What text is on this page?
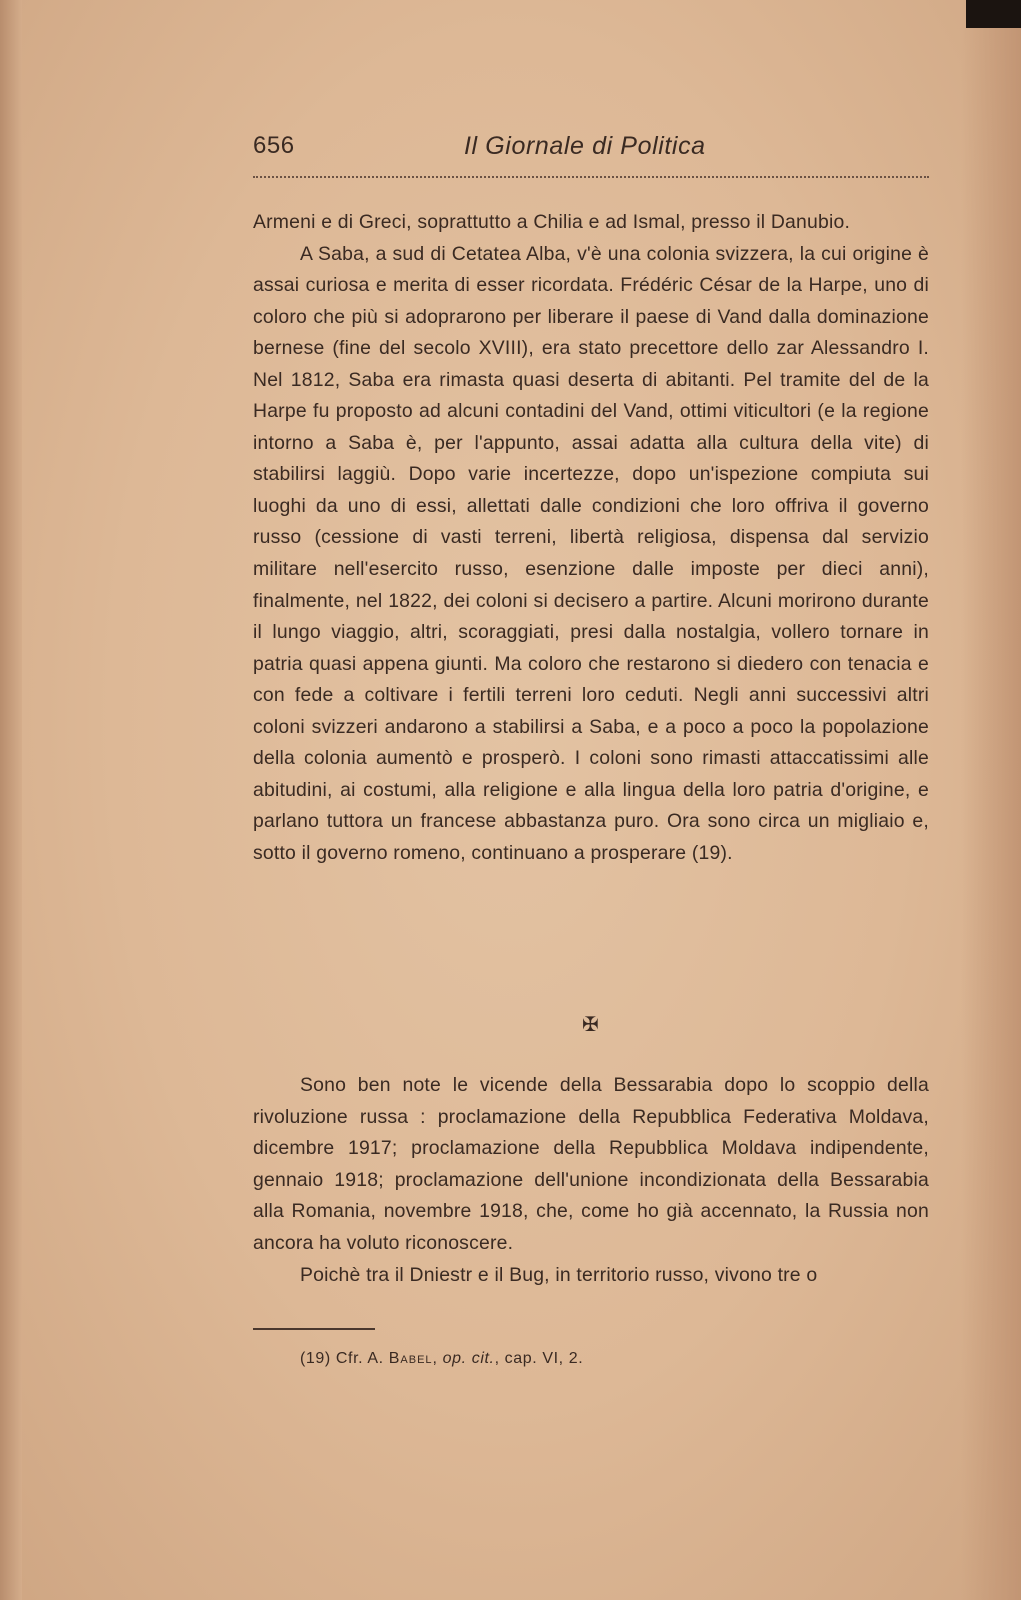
656	Il Giornale di Politica

Armeni e di Greci, soprattutto a Chilia e ad Ismal, presso il Danubio.

A Saba, a sud di Cetatea Alba, v'è una colonia svizzera, la cui origine è assai curiosa e merita di esser ricordata. Frédéric César de la Harpe, uno di coloro che più si adoprarono per liberare il paese di Vand dalla dominazione bernese (fine del secolo XVIII), era stato precettore dello zar Alessandro I. Nel 1812, Saba era rimasta quasi deserta di abitanti. Pel tramite del de la Harpe fu proposto ad alcuni contadini del Vand, ottimi viticultori (e la regione intorno a Saba è, per l'appunto, assai adatta alla cultura della vite) di stabilirsi laggiù. Dopo varie incertezze, dopo un'ispezione compiuta sui luoghi da uno di essi, allettati dalle condizioni che loro offriva il governo russo (cessione di vasti terreni, libertà religiosa, dispensa dal servizio militare nell'esercito russo, esenzione dalle imposte per dieci anni), finalmente, nel 1822, dei coloni si decisero a partire. Alcuni morirono durante il lungo viaggio, altri, scoraggiati, presi dalla nostalgia, vollero tornare in patria quasi appena giunti. Ma coloro che restarono si diedero con tenacia e con fede a coltivare i fertili terreni loro ceduti. Negli anni successivi altri coloni svizzeri andarono a stabilirsi a Saba, e a poco a poco la popolazione della colonia aumentò e prosperò. I coloni sono rimasti attaccatissimi alle abitudini, ai costumi, alla religione e alla lingua della loro patria d'origine, e parlano tuttora un francese abbastanza puro. Ora sono circa un migliaio e, sotto il governo romeno, continuano a prosperare (19).

✠

Sono ben note le vicende della Bessarabia dopo lo scoppio della rivoluzione russa : proclamazione della Repubblica Federativa Moldava, dicembre 1917; proclamazione della Repubblica Moldava indipendente, gennaio 1918; proclamazione dell'unione incondizionata della Bessarabia alla Romania, novembre 1918, che, come ho già accennato, la Russia non ancora ha voluto riconoscere.

Poichè tra il Dniestr e il Bug, in territorio russo, vivono tre o

(19) Cfr. A. Babel, op. cit., cap. VI, 2.
